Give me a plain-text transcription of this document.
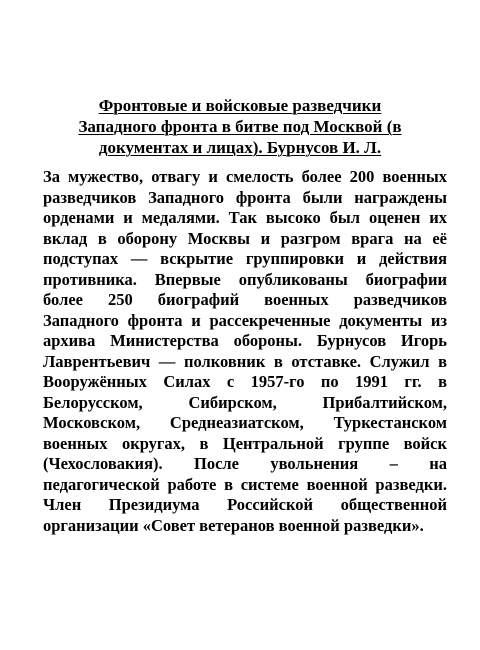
Фронтовые и войсковые разведчики
Западного фронта в битве под Москвой (в
документах и лицах). Бурнусов И. Л.
За мужество, отвагу и смелость более 200 военных
разведчиков Западного фронта были награждены
орденами и медалями. Так высоко был оценен их
вклад в оборону Москвы и разгром врага на её
подступах — вскрытие группировки и действия
противника. Впервые опубликованы биографии
более 250 биографий военных разведчиков
Западного фронта и рассекреченные документы из
архива Министерства обороны. Бурнусов Игорь
Лаврентьевич — полковник в отставке. Служил в
Вооружённых Силах с 1957-го по 1991 гг. в
Белорусском, Сибирском, Прибалтийском,
Московском, Среднеазиатском, Туркестанском
военных округах, в Центральной группе войск
(Чехословакия). После увольнения – на
педагогической работе в системе военной разведки.
Член Президиума Российской общественной
организации «Совет ветеранов военной разведки».
